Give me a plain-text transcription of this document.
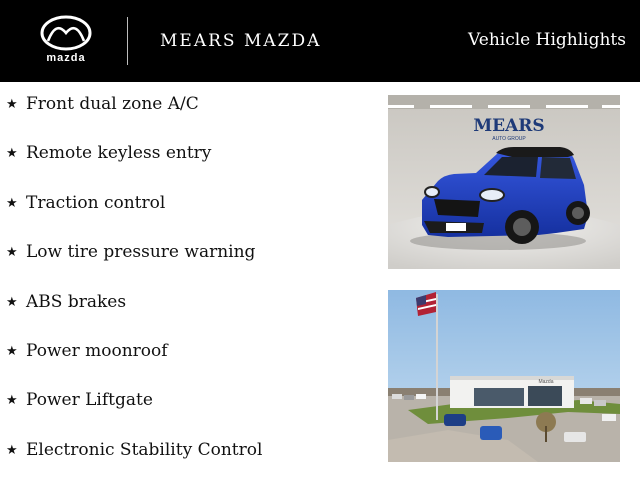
mazda
MEARS MAZDA	Vehicle Highlights
★ Front dual zone A/C
★ Remote keyless entry
★ Traction control
★ Low tire pressure warning
★ ABS brakes
★ Power moonroof
★ Power Liftgate
★ Electronic Stability Control
MEARS
AUTO GROUP
Mazda
